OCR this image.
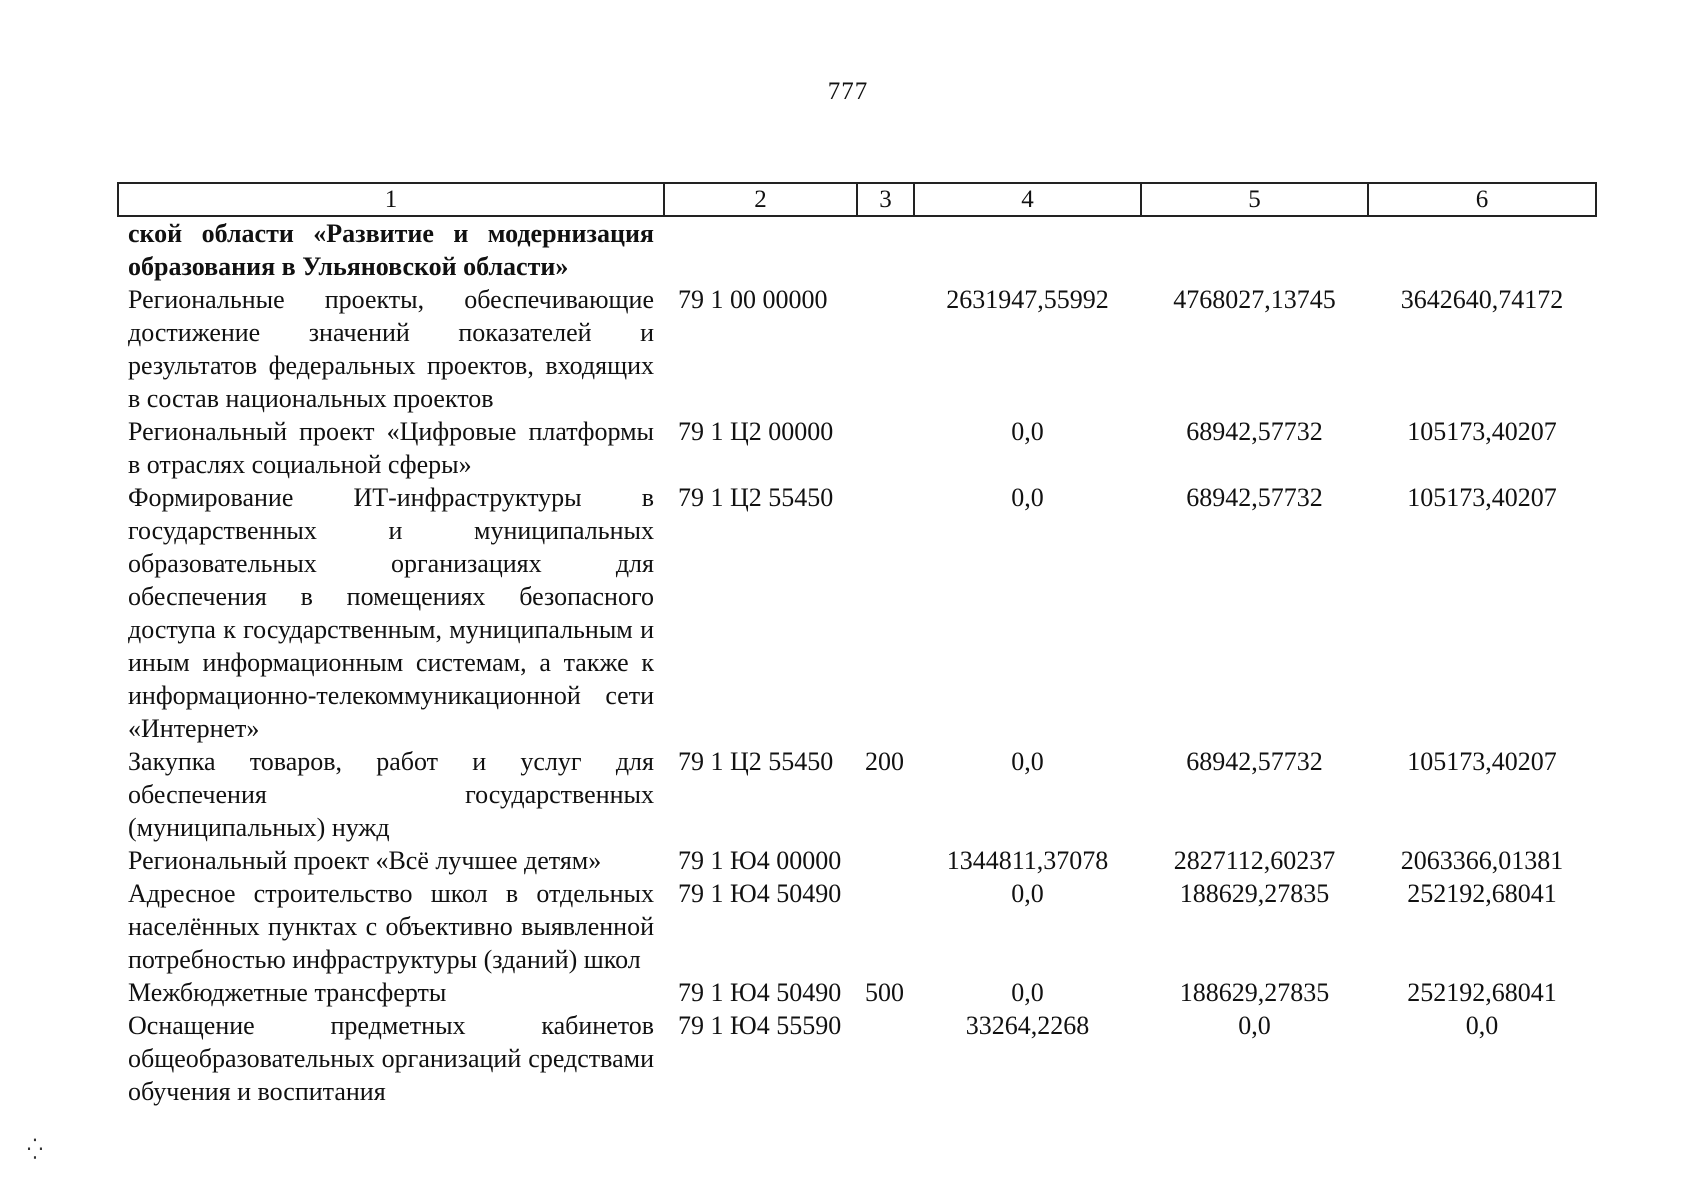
777
1	2	3	4	5	6
ской области «Развитие и модернизация образования в Ульяновской области»					
Региональные проекты, обеспечивающие достижение значений показателей и результатов федеральных проектов, входящих в состав национальных проектов	79 1 00 00000		2631947,55992	4768027,13745	3642640,74172
Региональный проект «Цифровые платформы в отраслях социальной сферы»	79 1 Ц2 00000		0,0	68942,57732	105173,40207
Формирование ИТ-инфраструктуры в государственных и муниципальных образовательных организациях для обеспечения в помещениях безопасного доступа к государственным, муниципальным и иным информационным системам, а также к информационно-телекоммуникационной сети «Интернет»	79 1 Ц2 55450		0,0	68942,57732	105173,40207
Закупка товаров, работ и услуг для обеспечения государственных (муниципальных) нужд	79 1 Ц2 55450	200	0,0	68942,57732	105173,40207
Региональный проект «Всё лучшее детям»	79 1 Ю4 00000		1344811,37078	2827112,60237	2063366,01381
Адресное строительство школ в отдельных населённых пунктах с объективно выявленной потребностью инфраструктуры (зданий) школ	79 1 Ю4 50490		0,0	188629,27835	252192,68041
Межбюджетные трансферты	79 1 Ю4 50490	500	0,0	188629,27835	252192,68041
Оснащение предметных кабинетов общеобразовательных организаций средствами обучения и воспитания	79 1 Ю4 55590		33264,2268	0,0	0,0
⁛
